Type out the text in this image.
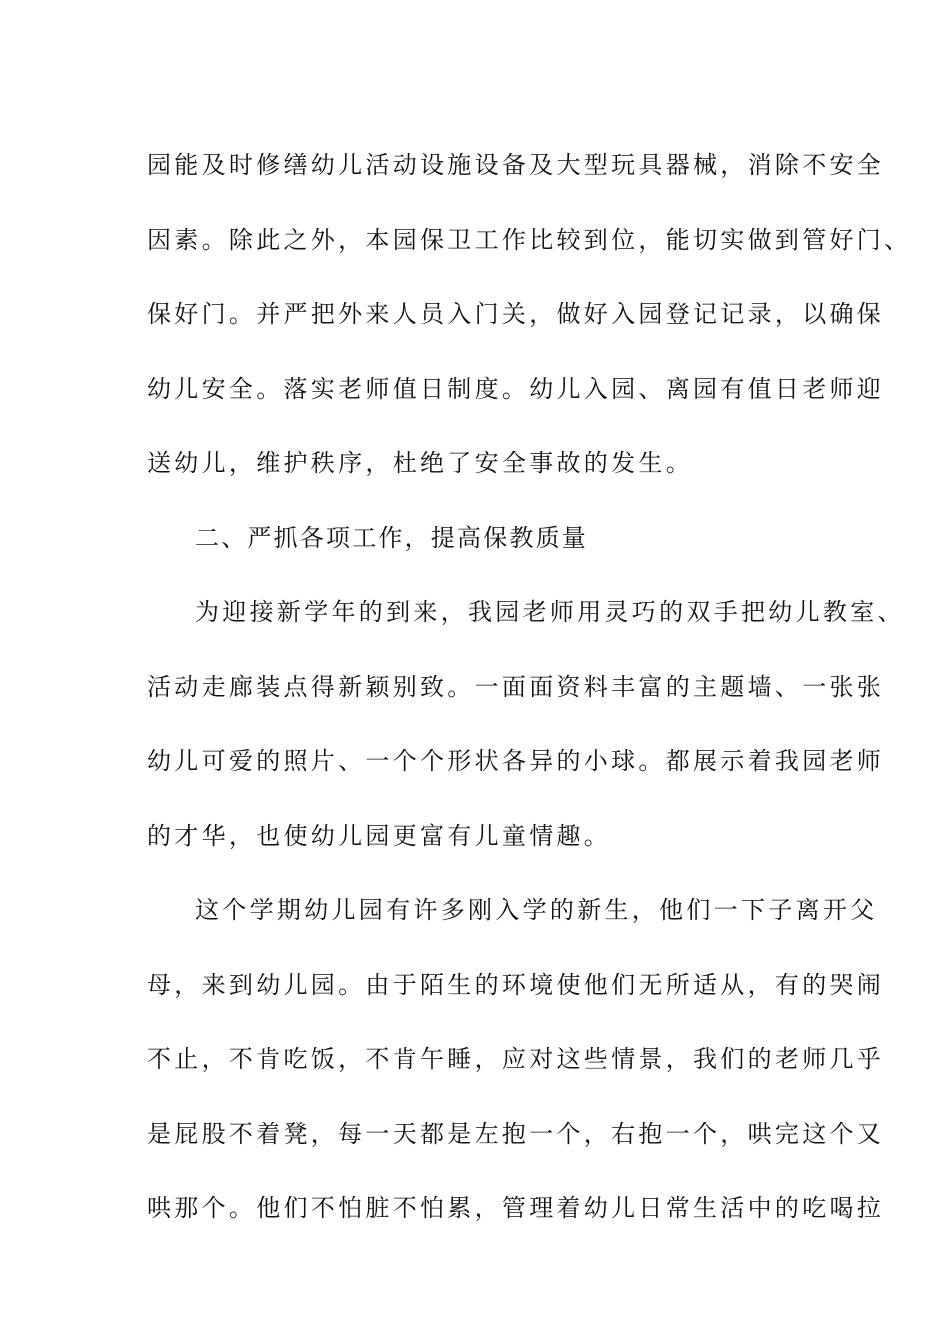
园能及时修缮幼儿活动设施设备及大型玩具器械，消除不安全
因素。除此之外，本园保卫工作比较到位，能切实做到管好门、
保好门。并严把外来人员入门关，做好入园登记记录，以确保
幼儿安全。落实老师值日制度。幼儿入园、离园有值日老师迎
送幼儿，维护秩序，杜绝了安全事故的发生。
二、严抓各项工作，提高保教质量
为迎接新学年的到来，我园老师用灵巧的双手把幼儿教室、
活动走廊装点得新颖别致。一面面资料丰富的主题墙、一张张
幼儿可爱的照片、一个个形状各异的小球。都展示着我园老师
的才华，也使幼儿园更富有儿童情趣。
这个学期幼儿园有许多刚入学的新生，他们一下子离开父
母，来到幼儿园。由于陌生的环境使他们无所适从，有的哭闹
不止，不肯吃饭，不肯午睡，应对这些情景，我们的老师几乎
是屁股不着凳，每一天都是左抱一个，右抱一个，哄完这个又
哄那个。他们不怕脏不怕累，管理着幼儿日常生活中的吃喝拉
